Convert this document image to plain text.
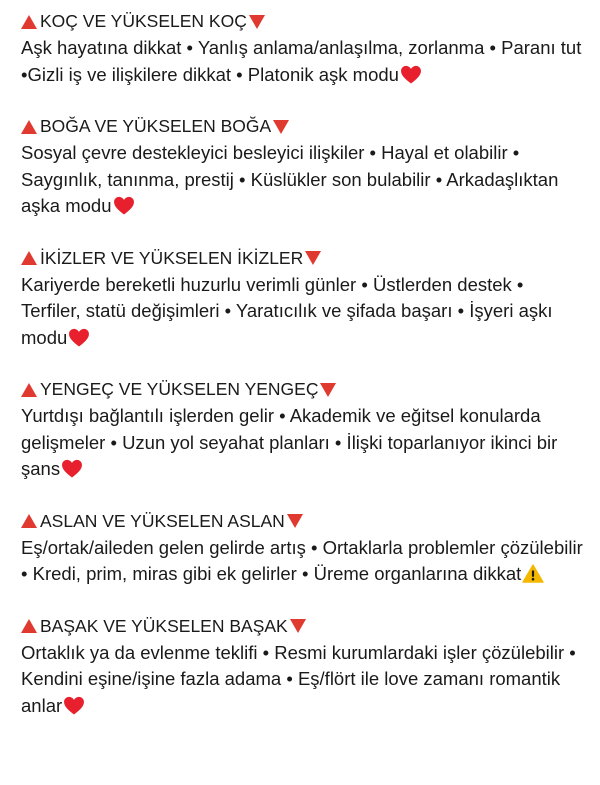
KOÇ VE YÜKSELEN KOÇ
Aşk hayatına dikkat • Yanlış anlama/anlaşılma, zorlanma • Paranı tut •Gizli iş ve ilişkilere dikkat • Platonik aşk modu
BOĞA VE YÜKSELEN BOĞA
Sosyal çevre destekleyici besleyici ilişkiler • Hayal et olabilir • Saygınlık, tanınma, prestij • Küslükler son bulabilir • Arkadaşlıktan aşka modu
İKİZLER VE YÜKSELEN İKİZLER
Kariyerde bereketli huzurlu verimli günler • Üstlerden destek • Terfiler, statü değişimleri • Yaratıcılık ve şifada başarı • İşyeri aşkı modu
YENGEÇ VE YÜKSELEN YENGEÇ
Yurtdışı bağlantılı işlerden gelir • Akademik ve eğitsel konularda gelişmeler • Uzun yol seyahat planları • İlişki toparlanıyor ikinci bir şans
ASLAN VE YÜKSELEN ASLAN
Eş/ortak/aileden gelen gelirde artış • Ortaklarla problemler çözülebilir • Kredi, prim, miras gibi ek gelirler • Üreme organlarına dikkat
BAŞAK VE YÜKSELEN BAŞAK
Ortaklık ya da evlenme teklifi • Resmi kurumlardaki işler çözülebilir • Kendini eşine/işine fazla adama • Eş/flört ile love zamanı romantik anlar
